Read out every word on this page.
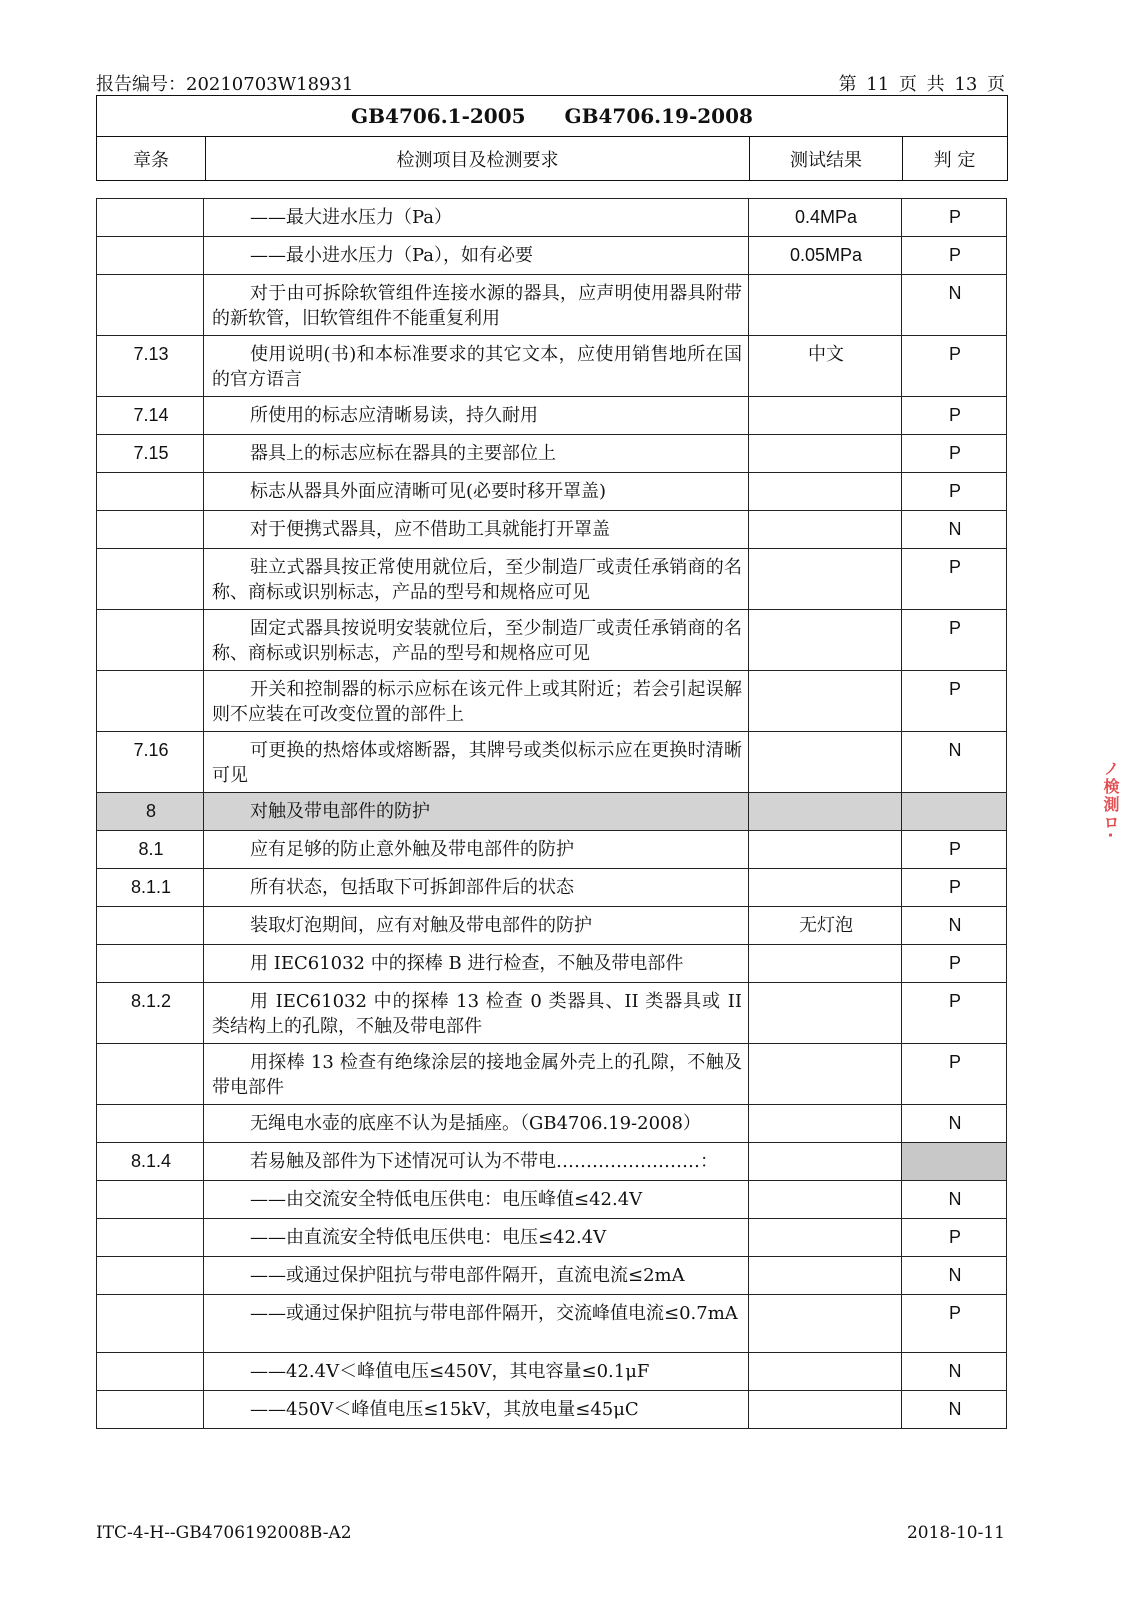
报告编号：20210703W18931	第 11 页 共 13 页
GB4706.1-2005 GB4706.19-2008
章条	检测项目及检测要求	测试结果	判 定
	——最大进水压力（Pa）	0.4MPa	P
	——最小进水压力（Pa），如有必要	0.05MPa	P
	对于由可拆除软管组件连接水源的器具，应声明使用器具附带的新软管，旧软管组件不能重复利用		N
7.13	使用说明(书)和本标准要求的其它文本，应使用销售地所在国的官方语言	中文	P
7.14	所使用的标志应清晰易读，持久耐用		P
7.15	器具上的标志应标在器具的主要部位上		P
	标志从器具外面应清晰可见(必要时移开罩盖)		P
	对于便携式器具，应不借助工具就能打开罩盖		N
	驻立式器具按正常使用就位后，至少制造厂或责任承销商的名称、商标或识别标志，产品的型号和规格应可见		P
	固定式器具按说明安装就位后，至少制造厂或责任承销商的名称、商标或识别标志，产品的型号和规格应可见		P
	开关和控制器的标示应标在该元件上或其附近；若会引起误解则不应装在可改变位置的部件上		P
7.16	可更换的热熔体或熔断器，其牌号或类似标示应在更换时清晰可见		N
8	对触及带电部件的防护		
8.1	应有足够的防止意外触及带电部件的防护		P
8.1.1	所有状态，包括取下可拆卸部件后的状态		P
	装取灯泡期间，应有对触及带电部件的防护	无灯泡	N
	用 IEC61032 中的探棒 B 进行检查，不触及带电部件		P
8.1.2	用 IEC61032 中的探棒 13 检查 0 类器具、II 类器具或 II 类结构上的孔隙，不触及带电部件		P
	用探棒 13 检查有绝缘涂层的接地金属外壳上的孔隙，不触及带电部件		P
	无绳电水壶的底座不认为是插座。（GB4706.19-2008）		N
8.1.4	若易触及部件为下述情况可认为不带电……………………：		
	——由交流安全特低电压供电：电压峰值≤42.4V		N
	——由直流安全特低电压供电：电压≤42.4V		P
	——或通过保护阻抗与带电部件隔开，直流电流≤2mA		N
	——或通过保护阻抗与带电部件隔开，交流峰值电流≤0.7mA		P
	——42.4V＜峰值电压≤450V，其电容量≤0.1μF		N
	——450V＜峰值电压≤15kV，其放电量≤45μC		N
ITC-4-H--GB4706192008B-A2	2018-10-11
ノ検測ロ·
